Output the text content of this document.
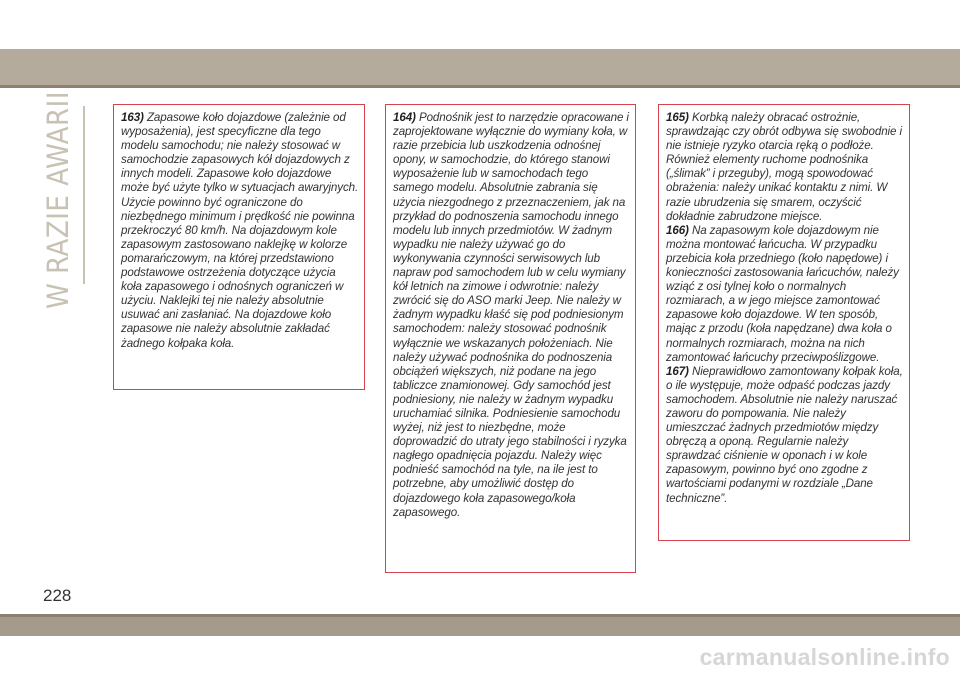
W RAZIE AWARII	163) Zapasowe koło dojazdowe (zależnie od wyposażenia), jest specyficzne dla tego modelu samochodu; nie należy stosować w samochodzie zapasowych kół dojazdowych z innych modeli. Zapasowe koło dojazdowe może być użyte tylko w sytuacjach awaryjnych. Użycie powinno być ograniczone do niezbędnego minimum i prędkość nie powinna przekroczyć 80 km/h. Na dojazdowym kole zapasowym zastosowano naklejkę w kolorze pomarańczowym, na której przedstawiono podstawowe ostrzeżenia dotyczące użycia koła zapasowego i odnośnych ograniczeń w użyciu. Naklejki tej nie należy absolutnie usuwać ani zasłaniać. Na dojazdowe koło zapasowe nie należy absolutnie zakładać żadnego kołpaka koła.
164) Podnośnik jest to narzędzie opracowane i zaprojektowane wyłącznie do wymiany koła, w razie przebicia lub uszkodzenia odnośnej opony, w samochodzie, do którego stanowi wyposażenie lub w samochodach tego samego modelu. Absolutnie zabrania się użycia niezgodnego z przeznaczeniem, jak na przykład do podnoszenia samochodu innego modelu lub innych przedmiotów. W żadnym wypadku nie należy używać go do wykonywania czynności serwisowych lub napraw pod samochodem lub w celu wymiany kół letnich na zimowe i odwrotnie: należy zwrócić się do ASO marki Jeep. Nie należy w żadnym wypadku kłaść się pod podniesionym samochodem: należy stosować podnośnik wyłącznie we wskazanych położeniach. Nie należy używać podnośnika do podnoszenia obciążeń większych, niż podane na jego tabliczce znamionowej. Gdy samochód jest podniesiony, nie należy w żadnym wypadku uruchamiać silnika. Podniesienie samochodu wyżej, niż jest to niezbędne, może doprowadzić do utraty jego stabilności i ryzyka nagłego opadnięcia pojazdu. Należy więc podnieść samochód na tyle, na ile jest to potrzebne, aby umożliwić dostęp do dojazdowego koła zapasowego/koła zapasowego.
165) Korbką należy obracać ostrożnie, sprawdzając czy obrót odbywa się swobodnie i nie istnieje ryzyko otarcia ręką o podłoże. Również elementy ruchome podnośnika („ślimak” i przeguby), mogą spowodować obrażenia: należy unikać kontaktu z nimi. W razie ubrudzenia się smarem, oczyścić dokładnie zabrudzone miejsce.
166) Na zapasowym kole dojazdowym nie można montować łańcucha. W przypadku przebicia koła przedniego (koło napędowe) i konieczności zastosowania łańcuchów, należy wziąć z osi tylnej koło o normalnych rozmiarach, a w jego miejsce zamontować zapasowe koło dojazdowe. W ten sposób, mając z przodu (koła napędzane) dwa koła o normalnych rozmiarach, można na nich zamontować łańcuchy przeciwpoślizgowe.
167) Nieprawidłowo zamontowany kołpak koła, o ile występuje, może odpaść podczas jazdy samochodem. Absolutnie nie należy naruszać zaworu do pompowania. Nie należy umieszczać żadnych przedmiotów między obręczą a oponą. Regularnie należy sprawdzać ciśnienie w oponach i w kole zapasowym, powinno być ono zgodne z wartościami podanymi w rozdziale „Dane techniczne”.
228
carmanualsonline.info
